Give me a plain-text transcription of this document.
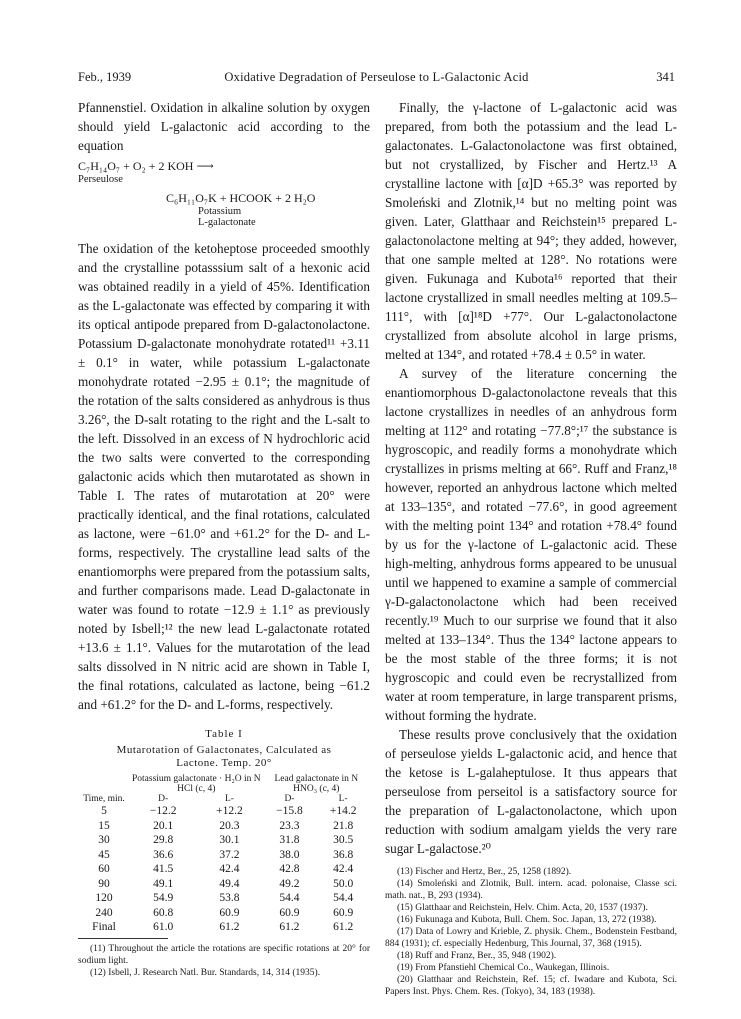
Feb., 1939	Oxidative Degradation of Perseulose to L-Galactonic Acid	341

Pfannenstiel. Oxidation in alkaline solution by oxygen should yield L-galactonic acid according to the equation

C₇H₁₄O₇ + O₂ + 2 KOH ⟶
Perseulose
C₆H₁₁O₇K + HCOOK + 2 H₂O
Potassium
L-galactonate

The oxidation of the ketoheptose proceeded smoothly and the crystalline potasssium salt of a hexonic acid was obtained readily in a yield of 45%. Identification as the L-galactonate was effected by comparing it with its optical antipode prepared from D-galactonolactone. Potassium D-galactonate monohydrate rotated¹¹ +3.11 ± 0.1° in water, while potassium L-galactonate monohydrate rotated −2.95 ± 0.1°; the magnitude of the rotation of the salts considered as anhydrous is thus 3.26°, the D-salt rotating to the right and the L-salt to the left. Dissolved in an excess of N hydrochloric acid the two salts were converted to the corresponding galactonic acids which then mutarotated as shown in Table I. The rates of mutarotation at 20° were practically identical, and the final rotations, calculated as lactone, were −61.0° and +61.2° for the D- and L-forms, respectively. The crystalline lead salts of the enantiomorphs were prepared from the potassium salts, and further comparisons made. Lead D-galactonate in water was found to rotate −12.9 ± 1.1° as previously noted by Isbell;¹² the new lead L-galactonate rotated +13.6 ± 1.1°. Values for the mutarotation of the lead salts dissolved in N nitric acid are shown in Table I, the final rotations, calculated as lactone, being −61.2 and +61.2° for the D- and L-forms, respectively.

Table I
Mutarotation of Galactonates, Calculated as
Lactone. Temp. 20°
Time, min.	Potassium galactonate · H₂O in N HCl (c, 4)		Lead galactonate in N HNO₃ (c, 4)	
	D-	L-	D-	L-
5	−12.2	+12.2	−15.8	+14.2
15	20.1	20.3	23.3	21.8
30	29.8	30.1	31.8	30.5
45	36.6	37.2	38.0	36.8
60	41.5	42.4	42.8	42.4
90	49.1	49.4	49.2	50.0
120	54.9	53.8	54.4	54.4
240	60.8	60.9	60.9	60.9
Final	61.0	61.2	61.2	61.2

(11) Throughout the article the rotations are specific rotations at 20° for sodium light.

(12) Isbell, J. Research Natl. Bur. Standards, 14, 314 (1935).

Finally, the γ-lactone of L-galactonic acid was prepared, from both the potassium and the lead L-galactonates. L-Galactonolactone was first obtained, but not crystallized, by Fischer and Hertz.¹³ A crystalline lactone with [α]D +65.3° was reported by Smoleński and Zlotnik,¹⁴ but no melting point was given. Later, Glatthaar and Reichstein¹⁵ prepared L-galactonolactone melting at 94°; they added, however, that one sample melted at 128°. No rotations were given. Fukunaga and Kubota¹⁶ reported that their lactone crystallized in small needles melting at 109.5–111°, with [α]¹⁸D +77°. Our L-galactonolactone crystallized from absolute alcohol in large prisms, melted at 134°, and rotated +78.4 ± 0.5° in water.

A survey of the literature concerning the enantiomorphous D-galactonolactone reveals that this lactone crystallizes in needles of an anhydrous form melting at 112° and rotating −77.8°;¹⁷ the substance is hygroscopic, and readily forms a monohydrate which crystallizes in prisms melting at 66°. Ruff and Franz,¹⁸ however, reported an anhydrous lactone which melted at 133–135°, and rotated −77.6°, in good agreement with the melting point 134° and rotation +78.4° found by us for the γ-lactone of L-galactonic acid. These high-melting, anhydrous forms appeared to be unusual until we happened to examine a sample of commercial γ-D-galactonolactone which had been received recently.¹⁹ Much to our surprise we found that it also melted at 133–134°. Thus the 134° lactone appears to be the most stable of the three forms; it is not hygroscopic and could even be recrystallized from water at room temperature, in large transparent prisms, without forming the hydrate.

These results prove conclusively that the oxidation of perseulose yields L-galactonic acid, and hence that the ketose is L-galaheptulose. It thus appears that perseulose from perseitol is a satisfactory source for the preparation of L-galactonolactone, which upon reduction with sodium amalgam yields the very rare sugar L-galactose.²⁰

(13) Fischer and Hertz, Ber., 25, 1258 (1892).

(14) Smoleński and Zlotnik, Bull. intern. acad. polonaise, Classe sci. math. nat., B, 293 (1934).

(15) Glatthaar and Reichstein, Helv. Chim. Acta, 20, 1537 (1937).

(16) Fukunaga and Kubota, Bull. Chem. Soc. Japan, 13, 272 (1938).

(17) Data of Lowry and Krieble, Z. physik. Chem., Bodenstein Festband, 884 (1931); cf. especially Hedenburg, This Journal, 37, 368 (1915).

(18) Ruff and Franz, Ber., 35, 948 (1902).

(19) From Pfanstiehl Chemical Co., Waukegan, Illinois.

(20) Glatthaar and Reichstein, Ref. 15; cf. Iwadare and Kubota, Sci. Papers Inst. Phys. Chem. Res. (Tokyo), 34, 183 (1938).
